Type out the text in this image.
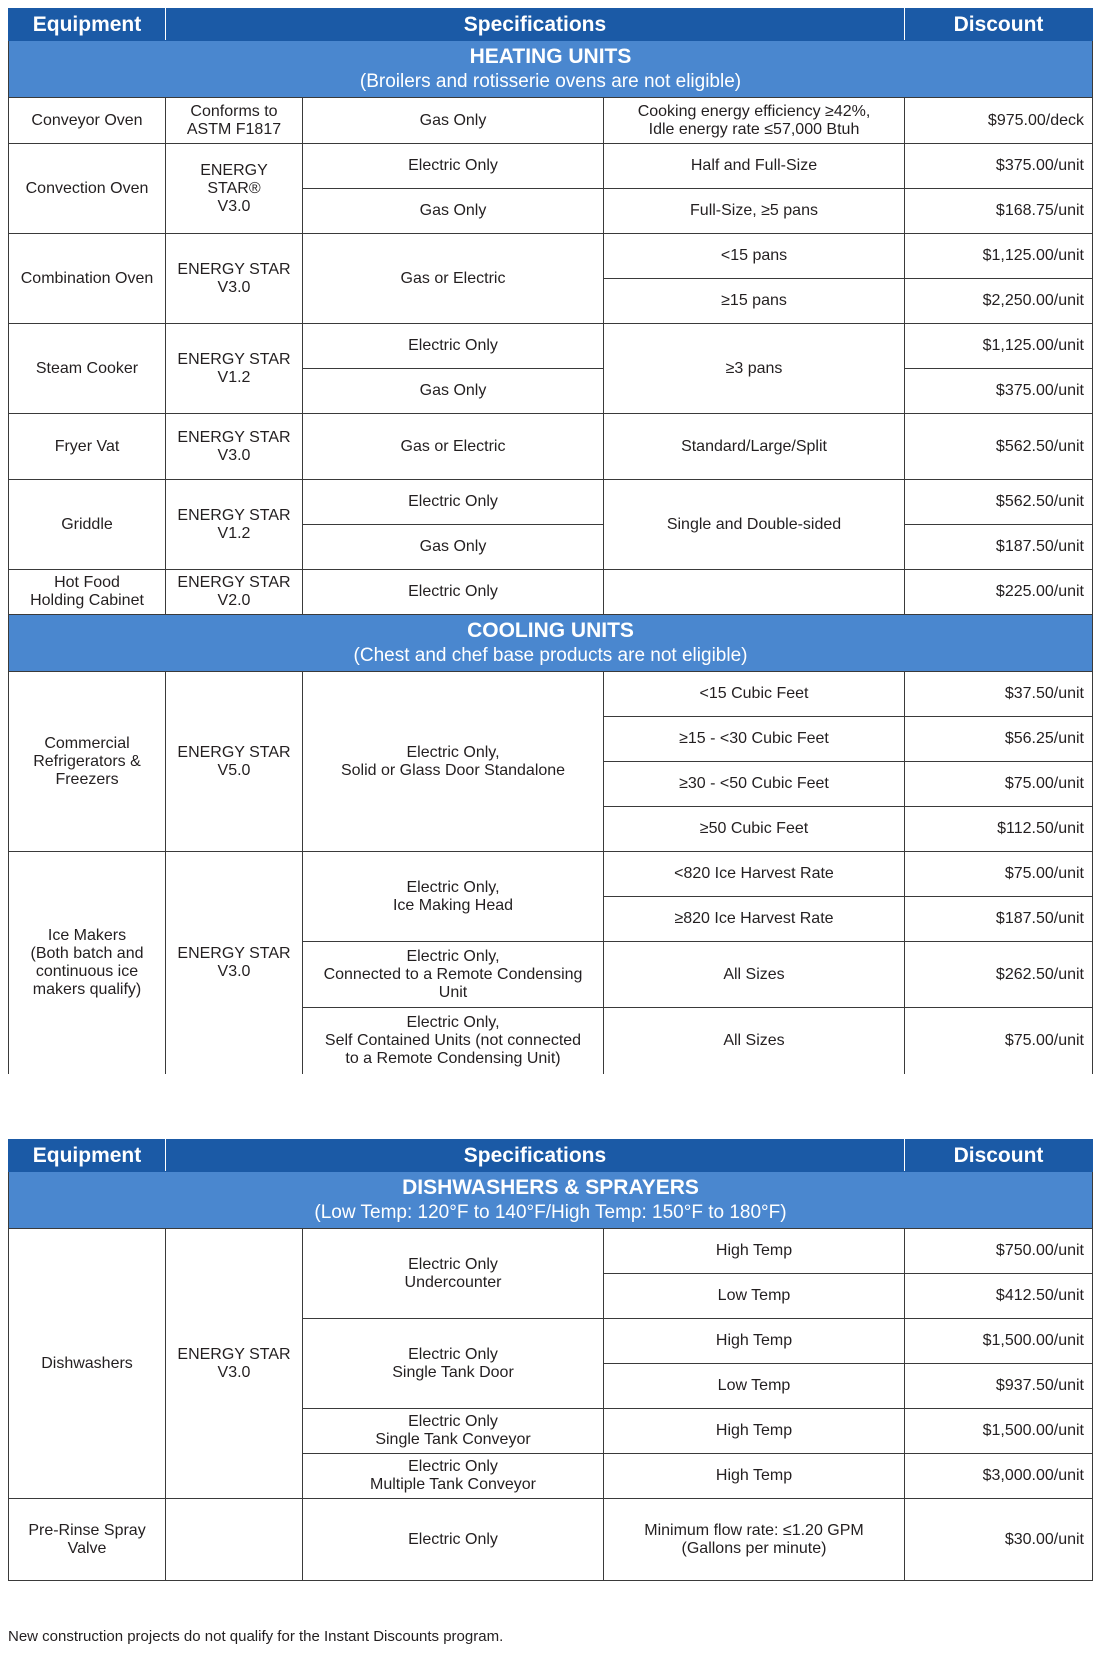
Equipment	Specifications			Discount

HEATING UNITS
(Broilers and rotisserie ovens are not eligible)				

Conveyor Oven	Conforms to
ASTM F1817	Gas Only	Cooking energy efficiency ≥42%,
Idle energy rate ≤57,000 Btuh	$975.00/deck
Convection Oven	ENERGY STAR®
V3.0	Electric Only	Half and Full-Size	$375.00/unit
		Gas Only	Full-Size, ≥5 pans	$168.75/unit
Combination Oven	ENERGY STAR
V3.0	Gas or Electric	<15 pans	$1,125.00/unit
			≥15 pans	$2,250.00/unit
Steam Cooker	ENERGY STAR
V1.2	Electric Only	≥3 pans	$1,125.00/unit
		Gas Only		$375.00/unit
Fryer Vat	ENERGY STAR
V3.0	Gas or Electric	Standard/Large/Split	$562.50/unit
Griddle	ENERGY STAR
V1.2	Electric Only	Single and Double-sided	$562.50/unit
		Gas Only		$187.50/unit

Hot Food
Holding Cabinet	ENERGY STAR
V2.0	Electric Only		$225.00/unit

COOLING UNITS
(Chest and chef base products are not eligible)				

Commercial
Refrigerators &
Freezers	ENERGY STAR
V5.0	Electric Only,
Solid or Glass Door Standalone	<15 Cubic Feet	$37.50/unit
			≥15 - <30 Cubic Feet	$56.25/unit
			≥30 - <50 Cubic Feet	$75.00/unit
			≥50 Cubic Feet	$112.50/unit

Ice Makers
(Both batch and
continuous ice
makers qualify)	ENERGY STAR
V3.0	Electric Only,
Ice Making Head	<820 Ice Harvest Rate	$75.00/unit
			≥820 Ice Harvest Rate	$187.50/unit

		Electric Only,
Connected to a Remote Condensing Unit	All Sizes	$262.50/unit

		Electric Only,
Self Contained Units (not connected
to a Remote Condensing Unit)	All Sizes	$75.00/unit
Equipment	Specifications			Discount

DISHWASHERS & SPRAYERS
(Low Temp: 120°F to 140°F/High Temp: 150°F to 180°F)				

Dishwashers	ENERGY STAR
V3.0	Electric Only
Undercounter	High Temp	$750.00/unit
			Low Temp	$412.50/unit

		Electric Only
Single Tank Door	High Temp	$1,500.00/unit
			Low Temp	$937.50/unit

		Electric Only
Single Tank Conveyor	High Temp	$1,500.00/unit

		Electric Only
Multiple Tank Conveyor	High Temp	$3,000.00/unit

Pre-Rinse Spray
Valve		Electric Only	Minimum flow rate: ≤1.20 GPM
(Gallons per minute)	$30.00/unit
New construction projects do not qualify for the Instant Discounts program.
